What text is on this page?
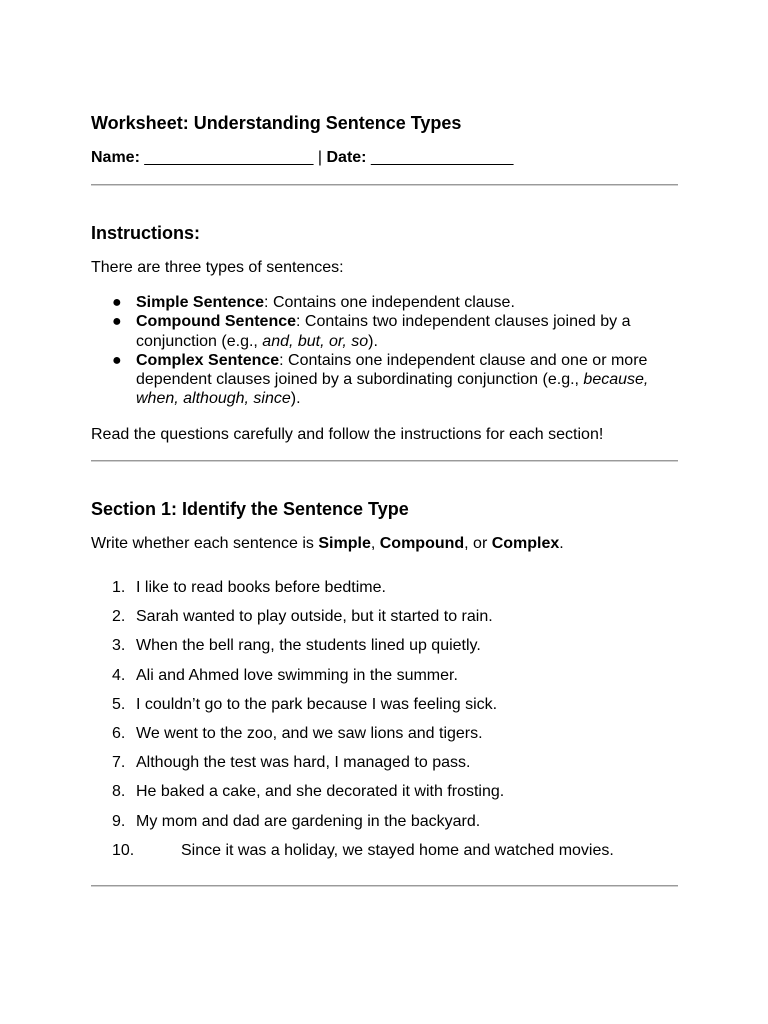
Worksheet: Understanding Sentence Types
Name: ___________________ | Date: ________________
Instructions:
There are three types of sentences:
● Simple Sentence: Contains one independent clause.
● Compound Sentence: Contains two independent clauses joined by a conjunction (e.g., and, but, or, so).
● Complex Sentence: Contains one independent clause and one or more dependent clauses joined by a subordinating conjunction (e.g., because, when, although, since).
Read the questions carefully and follow the instructions for each section!
Section 1: Identify the Sentence Type
Write whether each sentence is Simple, Compound, or Complex.
1. I like to read books before bedtime.
2. Sarah wanted to play outside, but it started to rain.
3. When the bell rang, the students lined up quietly.
4. Ali and Ahmed love swimming in the summer.
5. I couldn’t go to the park because I was feeling sick.
6. We went to the zoo, and we saw lions and tigers.
7. Although the test was hard, I managed to pass.
8. He baked a cake, and she decorated it with frosting.
9. My mom and dad are gardening in the backyard.
10.	Since it was a holiday, we stayed home and watched movies.
